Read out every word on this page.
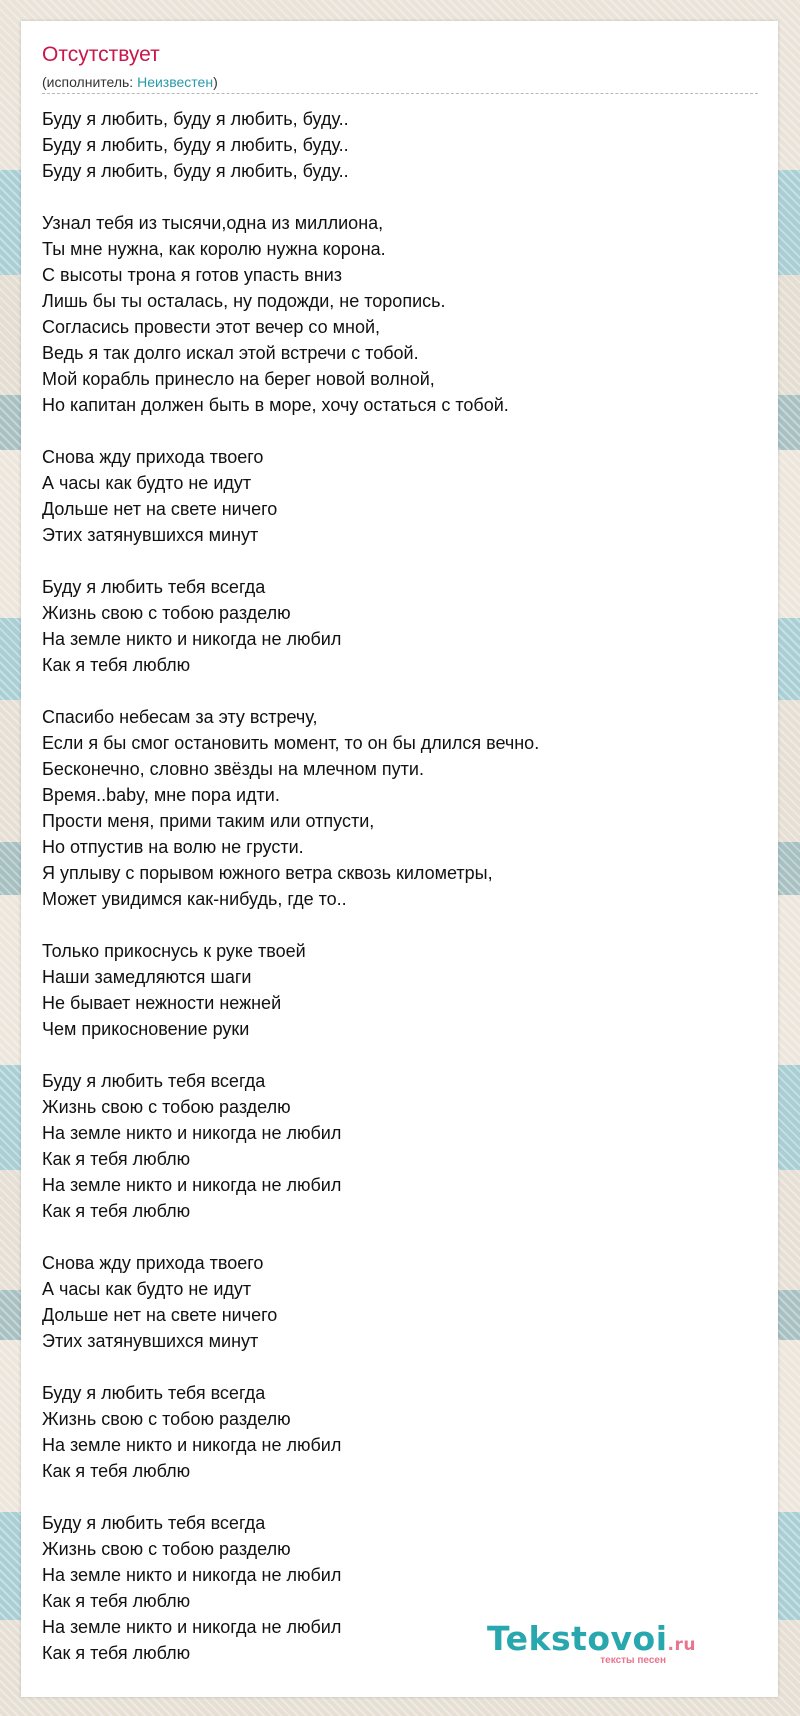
Отсутствует
(исполнитель: Неизвестен)
Буду я любить, буду я любить, буду..
Буду я любить, буду я любить, буду..
Буду я любить, буду я любить, буду..
Узнал тебя из тысячи,одна из миллиона,
Ты мне нужна, как королю нужна корона.
С высоты трона я готов упасть вниз
Лишь бы ты осталась, ну подожди, не торопись.
Согласись провести этот вечер со мной,
Ведь я так долго искал этой встречи с тобой.
Мой корабль принесло на берег новой волной,
Но капитан должен быть в море, хочу остаться с тобой.
Снова жду прихода твоего
А часы как будто не идут
Дольше нет на свете ничего
Этих затянувшихся минут
Буду я любить тебя всегда
Жизнь свою с тобою разделю
На земле никто и никогда не любил
Как я тебя люблю
Спасибо небесам за эту встречу,
Если я бы смог остановить момент, то он бы длился вечно.
Бесконечно, словно звёзды на млечном пути.
Время..baby, мне пора идти.
Прости меня, прими таким или отпусти,
Но отпустив на волю не грусти.
Я уплыву с порывом южного ветра сквозь километры,
Может увидимся как-нибудь, где то..
Только прикоснусь к руке твоей
Наши замедляются шаги
Не бывает нежности нежней
Чем прикосновение руки
Буду я любить тебя всегда
Жизнь свою с тобою разделю
На земле никто и никогда не любил
Как я тебя люблю
На земле никто и никогда не любил
Как я тебя люблю
Снова жду прихода твоего
А часы как будто не идут
Дольше нет на свете ничего
Этих затянувшихся минут
Буду я любить тебя всегда
Жизнь свою с тобою разделю
На земле никто и никогда не любил
Как я тебя люблю
Буду я любить тебя всегда
Жизнь свою с тобою разделю
На земле никто и никогда не любил
Как я тебя люблю
На земле никто и никогда не любил
Как я тебя люблю	Tekstovoi.ru
тексты песен
